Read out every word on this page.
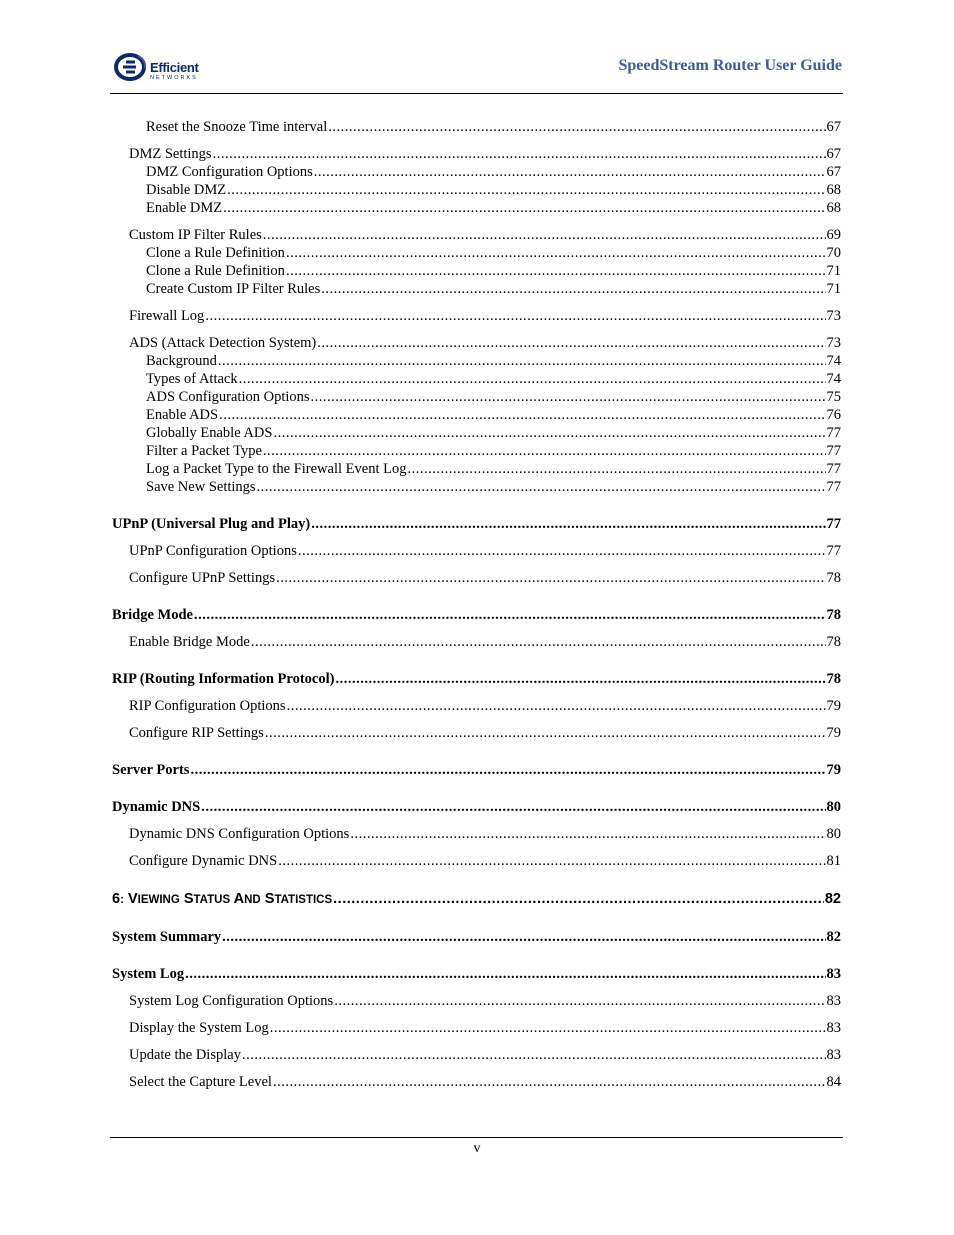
Efficient
NETWORKS
SpeedStream Router User Guide
Reset the Snooze Time interval .....	67
DMZ Settings .....	67
DMZ Configuration Options .....	67
Disable DMZ .....	68
Enable DMZ .....	68
Custom IP Filter Rules .....	69
Clone a Rule Definition .....	70
Clone a Rule Definition .....	71
Create Custom IP Filter Rules .....	71
Firewall Log .....	73
ADS (Attack Detection System) .....	73
Background .....	74
Types of Attack .....	74
ADS Configuration Options .....	75
Enable ADS .....	76
Globally Enable ADS .....	77
Filter a Packet Type .....	77
Log a Packet Type to the Firewall Event Log .....	77
Save New Settings .....	77
UPnP (Universal Plug and Play) .....	77
UPnP Configuration Options .....	77
Configure UPnP Settings .....	78
Bridge Mode .....	78
Enable Bridge Mode .....	78
RIP (Routing Information Protocol) .....	78
RIP Configuration Options .....	79
Configure RIP Settings .....	79
Server Ports .....	79
Dynamic DNS .....	80
Dynamic DNS Configuration Options .....	80
Configure Dynamic DNS .....	81
6: VIEWING STATUS AND STATISTICS .....	82
System Summary .....	82
System Log .....	83
System Log Configuration Options .....	83
Display the System Log .....	83
Update the Display .....	83
Select the Capture Level .....	84
v
